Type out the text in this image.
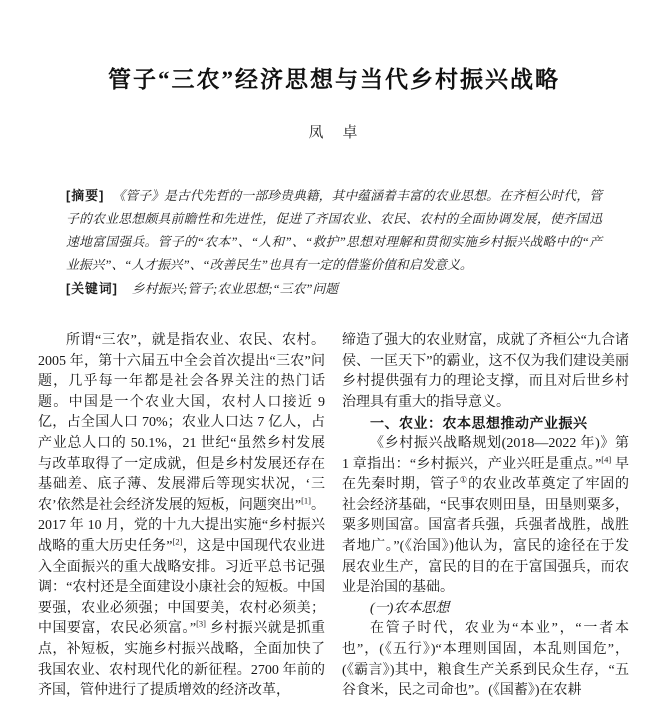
管子“三农”经济思想与当代乡村振兴战略
凤　卓
[摘要] 《管子》是古代先哲的一部珍贵典籍，其中蕴涵着丰富的农业思想。在齐桓公时代，管子的农业思想颇具前瞻性和先进性，促进了齐国农业、农民、农村的全面协调发展，使齐国迅速地富国强兵。管子的“农本”、“人和”、“救护”思想对理解和贯彻实施乡村振兴战略中的“产业振兴”、“人才振兴”、“改善民生”也具有一定的借鉴价值和启发意义。
[关键词] 乡村振兴;管子;农业思想;“三农”问题

所谓“三农”，就是指农业、农民、农村。2005 年，第十六届五中全会首次提出“三农”问题，几乎每一年都是社会各界关注的热门话题。中国是一个农业大国，农村人口接近 9 亿，占全国人口 70%；农业人口达 7 亿人，占产业总人口的 50.1%，21 世纪“虽然乡村发展与改革取得了一定成就，但是乡村发展还存在基础差、底子薄、发展滞后等现实状况，‘三农’依然是社会经济发展的短板，问题突出”[1]。2017 年 10 月，党的十九大提出实施“乡村振兴战略的重大历史任务”[2]，这是中国现代农业进入全面振兴的重大战略安排。习近平总书记强调：“农村还是全面建设小康社会的短板。中国要强，农业必须强；中国要美，农村必须美；中国要富，农民必须富。”[3] 乡村振兴就是抓重点，补短板，实施乡村振兴战略，全面加快了我国农业、农村现代化的新征程。2700 年前的齐国，管仲进行了提质增效的经济改革，

缔造了强大的农业财富，成就了齐桓公“九合诸侯、一匡天下”的霸业，这不仅为我们建设美丽乡村提供强有力的理论支撑，而且对后世乡村治理具有重大的指导意义。

一、农业：农本思想推动产业振兴

《乡村振兴战略规划(2018—2022 年)》第 1 章指出：“乡村振兴，产业兴旺是重点。”[4] 早在先秦时期，管子①的农业改革奠定了牢固的社会经济基础，“民事农则田垦，田垦则粟多，粟多则国富。国富者兵强，兵强者战胜，战胜者地广。”(《治国》)他认为，富民的途径在于发展农业生产，富民的目的在于富国强兵，而农业是治国的基础。

(一)农本思想

在管子时代，农业为“本业”，“一者本也”，(《五行》)“本理则国固，本乱则国危”，(《霸言》)其中，粮食生产关系到民众生存，“五谷食米，民之司命也”。(《国蓄》)在农耕
